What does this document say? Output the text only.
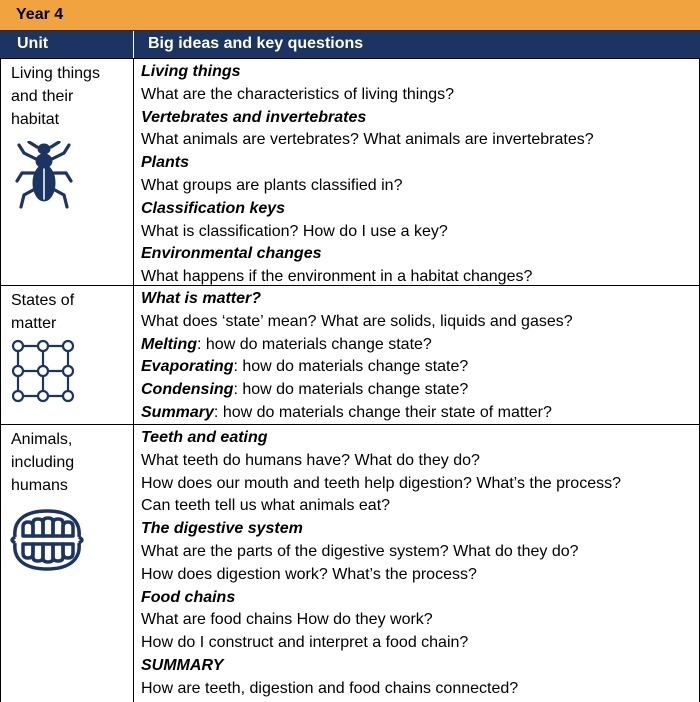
Year 4
Unit	Big ideas and key questions
Living things
and their
habitat
Living things
What are the characteristics of living things?
Vertebrates and invertebrates
What animals are vertebrates? What animals are invertebrates?
Plants
What groups are plants classified in?
Classification keys
What is classification? How do I use a key?
Environmental changes
What happens if the environment in a habitat changes?
States of
matter
What is matter?
What does ‘state’ mean? What are solids, liquids and gases?
Melting: how do materials change state?
Evaporating: how do materials change state?
Condensing: how do materials change state?
Summary: how do materials change their state of matter?
Animals,
including
humans
Teeth and eating
What teeth do humans have? What do they do?
How does our mouth and teeth help digestion? What’s the process?
Can teeth tell us what animals eat?
The digestive system
What are the parts of the digestive system? What do they do?
How does digestion work? What’s the process?
Food chains
What are food chains How do they work?
How do I construct and interpret a food chain?
SUMMARY
How are teeth, digestion and food chains connected?
